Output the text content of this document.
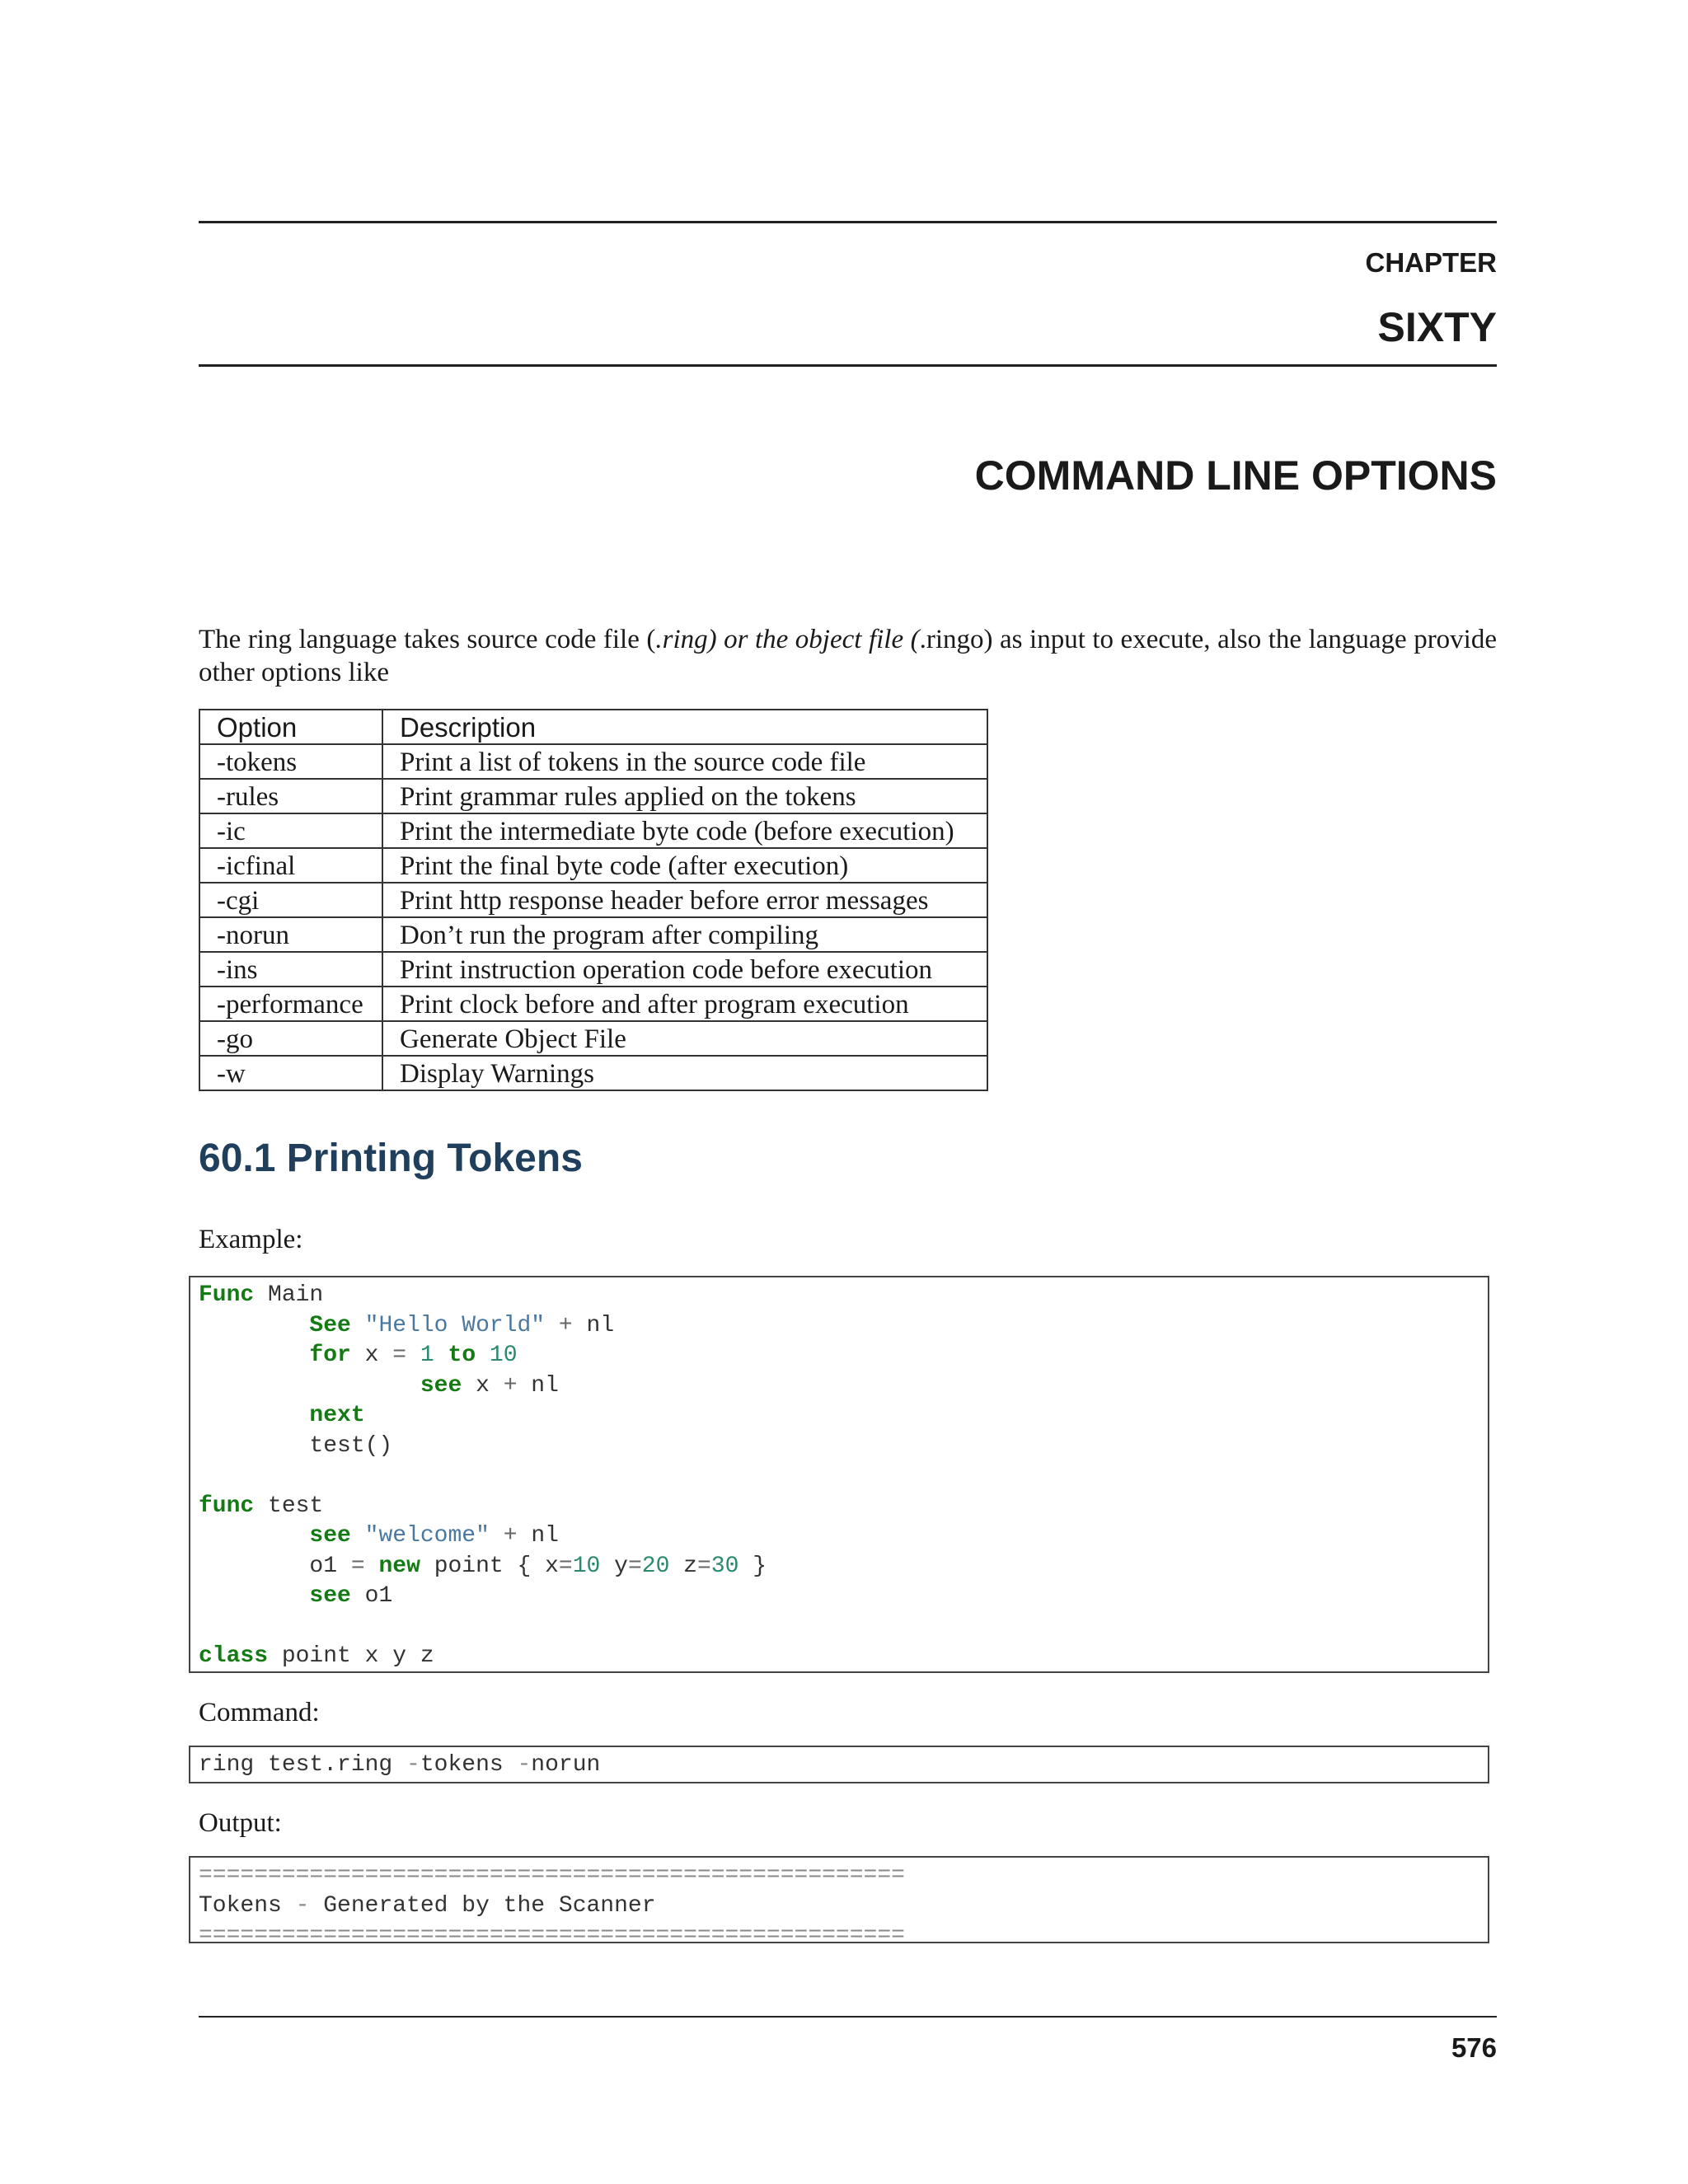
CHAPTER
SIXTY
COMMAND LINE OPTIONS

The ring language takes source code file (.ring) or the object file (.ringo) as input to execute, also the language provide other options like

Option	Description
-tokens	Print a list of tokens in the source code file
-rules	Print grammar rules applied on the tokens
-ic	Print the intermediate byte code (before execution)
-icfinal	Print the final byte code (after execution)
-cgi	Print http response header before error messages
-norun	Don’t run the program after compiling
-ins	Print instruction operation code before execution
-performance	Print clock before and after program execution
-go	Generate Object File
-w	Display Warnings
60.1 Printing Tokens
Example:
Func Main
See "Hello World" + nl
for x = 1 to 10
see x + nl
next
test()

func test
see "welcome" + nl
o1 = new point { x=10 y=20 z=30 }
see o1

class point x y z
Command:
ring test.ring -tokens -norun
Output:
===================================================
Tokens - Generated by the Scanner
===================================================
576
